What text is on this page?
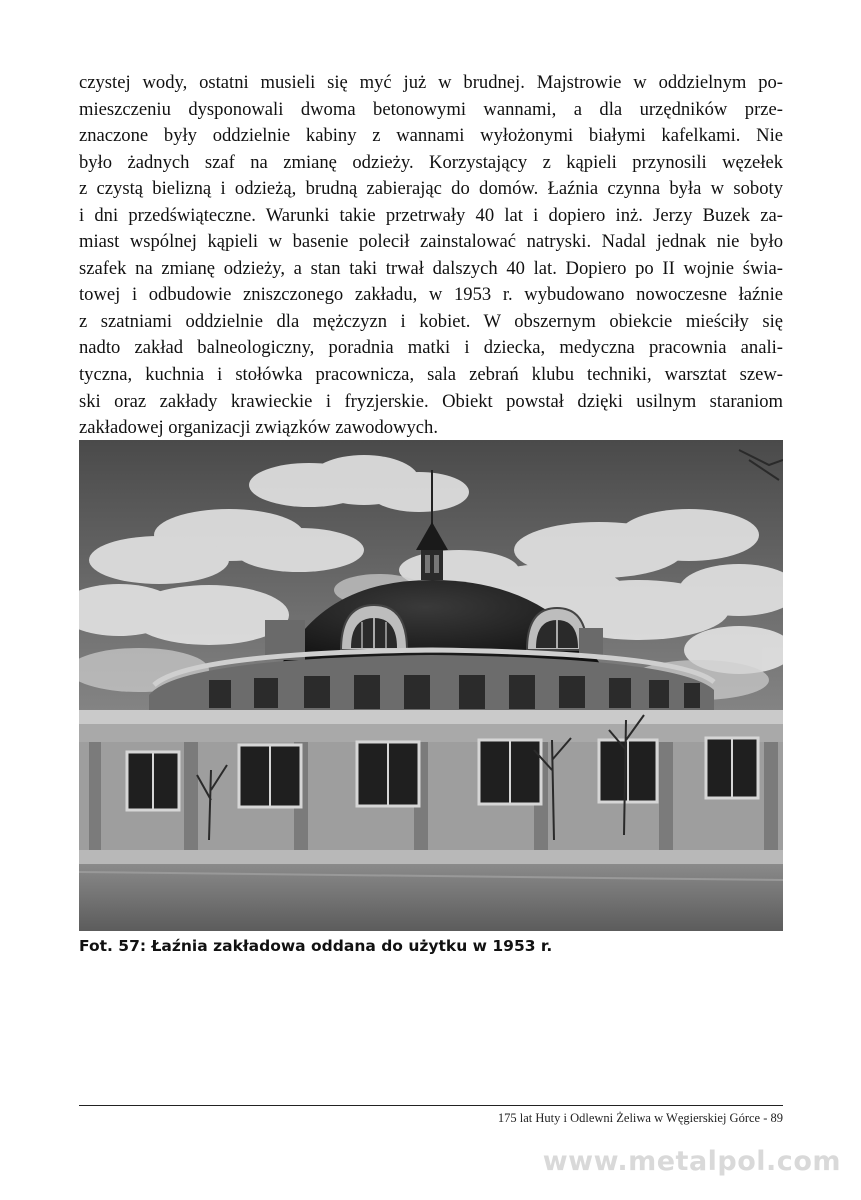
czystej wody, ostatni musieli się myć już w brudnej. Majstrowie w oddzielnym po-
mieszczeniu dysponowali dwoma betonowymi wannami, a dla urzędników prze-
znaczone były oddzielnie kabiny z wannami wyłożonymi białymi kafelkami. Nie
było żadnych szaf na zmianę odzieży. Korzystający z kąpieli przynosili węzełek
z czystą bielizną i odzieżą, brudną zabierając do domów. Łaźnia czynna była w soboty
i dni przedświąteczne. Warunki takie przetrwały 40 lat i dopiero inż. Jerzy Buzek za-
miast wspólnej kąpieli w basenie polecił zainstalować natryski. Nadal jednak nie było
szafek na zmianę odzieży, a stan taki trwał dalszych 40 lat. Dopiero po II wojnie świa-
towej i odbudowie zniszczonego zakładu, w 1953 r. wybudowano nowoczesne łaźnie
z szatniami oddzielnie dla mężczyzn i kobiet. W obszernym obiekcie mieściły się
nadto zakład balneologiczny, poradnia matki i dziecka, medyczna pracownia anali-
tyczna, kuchnia i stołówka pracownicza, sala zebrań klubu techniki, warsztat szew-
ski oraz zakłady krawieckie i fryzjerskie. Obiekt powstał dzięki usilnym staraniom
zakładowej organizacji związków zawodowych.

Fot. 57: Łaźnia zakładowa oddana do użytku w 1953 r.

175 lat Huty i Odlewni Żeliwa w Węgierskiej Górce - 89
www.metalpol.com
